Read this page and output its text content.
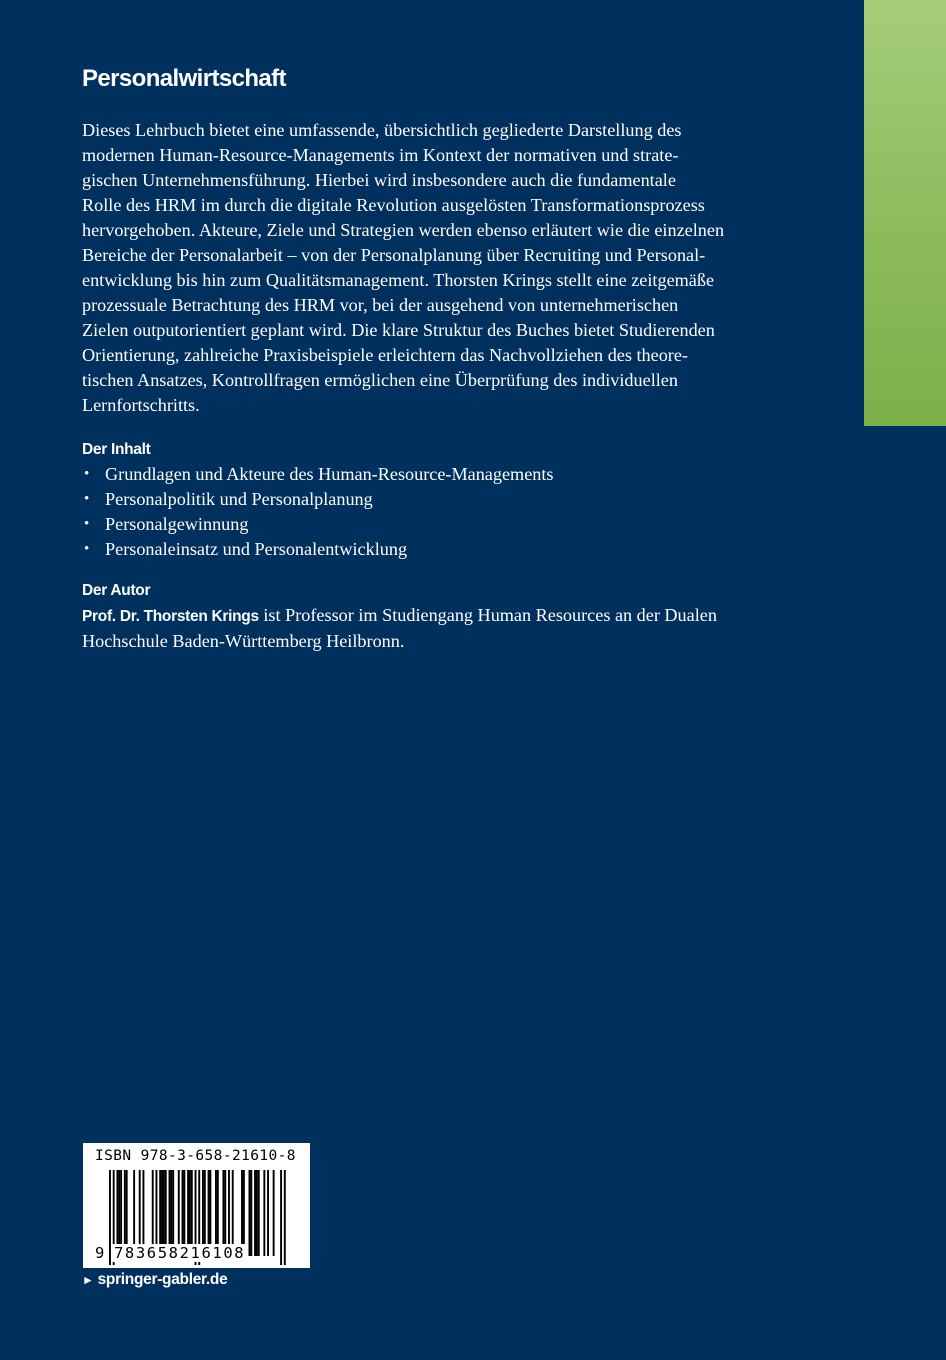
Personalwirtschaft
Dieses Lehrbuch bietet eine umfassende, übersichtlich gegliederte Darstellung des
modernen Human-Resource-Managements im Kontext der normativen und strate-
gischen Unternehmensführung. Hierbei wird insbesondere auch die fundamentale
Rolle des HRM im durch die digitale Revolution ausgelösten Transformationsprozess
hervorgehoben. Akteure, Ziele und Strategien werden ebenso erläutert wie die einzelnen
Bereiche der Personalarbeit – von der Personalplanung über Recruiting und Personal-
entwicklung bis hin zum Qualitätsmanagement. Thorsten Krings stellt eine zeitgemäße
prozessuale Betrachtung des HRM vor, bei der ausgehend von unternehmerischen
Zielen outputorientiert geplant wird. Die klare Struktur des Buches bietet Studierenden
Orientierung, zahlreiche Praxisbeispiele erleichtern das Nachvollziehen des theore-
tischen Ansatzes, Kontrollfragen ermöglichen eine Überprüfung des individuellen
Lernfortschritts.
Der Inhalt
• Grundlagen und Akteure des Human-Resource-Managements
• Personalpolitik und Personalplanung
• Personalgewinnung
• Personaleinsatz und Personalentwicklung
Der Autor

Prof. Dr. Thorsten Krings ist Professor im Studiengang Human Resources an der Dualen
Hochschule Baden-Württemberg Heilbronn.

ISBN 978-3-658-21610-8
9 783658216108
► springer-gabler.de
